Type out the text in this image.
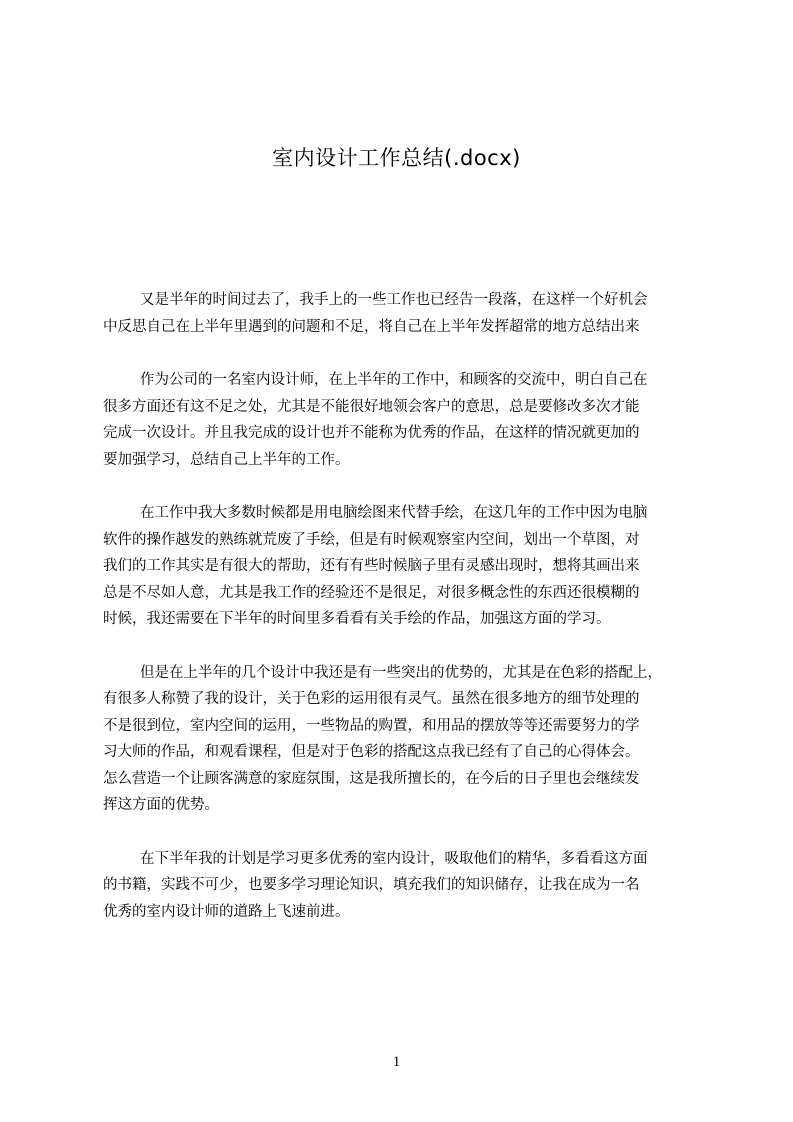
室内设计工作总结(.docx)

又是半年的时间过去了，我手上的一些工作也已经告一段落，在这样一个好机会
中反思自己在上半年里遇到的问题和不足，将自己在上半年发挥超常的地方总结出来

作为公司的一名室内设计师，在上半年的工作中，和顾客的交流中，明白自己在
很多方面还有这不足之处，尤其是不能很好地领会客户的意思，总是要修改多次才能
完成一次设计。并且我完成的设计也并不能称为优秀的作品，在这样的情况就更加的
要加强学习，总结自己上半年的工作。

在工作中我大多数时候都是用电脑绘图来代替手绘，在这几年的工作中因为电脑
软件的操作越发的熟练就荒废了手绘，但是有时候观察室内空间，划出一个草图，对
我们的工作其实是有很大的帮助，还有有些时候脑子里有灵感出现时，想将其画出来
总是不尽如人意，尤其是我工作的经验还不是很足，对很多概念性的东西还很模糊的
时候，我还需要在下半年的时间里多看看有关手绘的作品，加强这方面的学习。

但是在上半年的几个设计中我还是有一些突出的优势的，尤其是在色彩的搭配上，
有很多人称赞了我的设计，关于色彩的运用很有灵气。虽然在很多地方的细节处理的
不是很到位，室内空间的运用，一些物品的购置，和用品的摆放等等还需要努力的学
习大师的作品，和观看课程，但是对于色彩的搭配这点我已经有了自己的心得体会。
怎么营造一个让顾客满意的家庭氛围，这是我所擅长的，在今后的日子里也会继续发
挥这方面的优势。

在下半年我的计划是学习更多优秀的室内设计，吸取他们的精华，多看看这方面
的书籍，实践不可少，也要多学习理论知识，填充我们的知识储存，让我在成为一名
优秀的室内设计师的道路上飞速前进。

1
